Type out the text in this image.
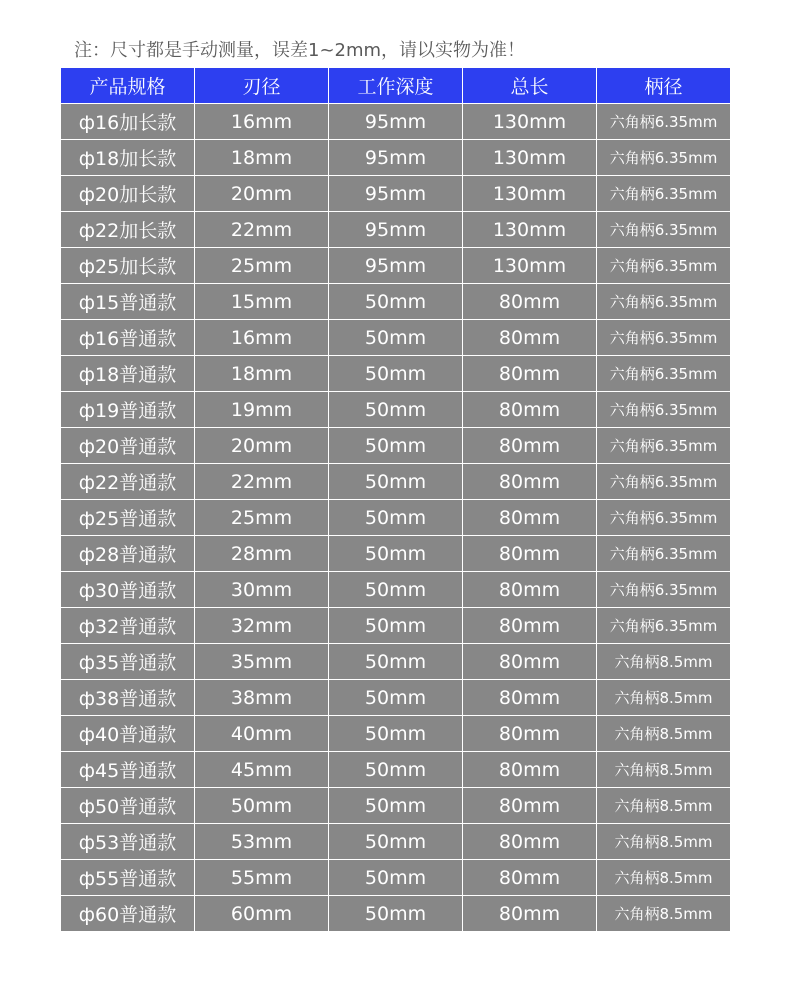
注：尺寸都是手动测量，误差1~2mm，请以实物为准！
产品规格	刃径	工作深度	总长	柄径
ф16加长款	16mm	95mm	130mm	六角柄6.35mm
ф18加长款	18mm	95mm	130mm	六角柄6.35mm
ф20加长款	20mm	95mm	130mm	六角柄6.35mm
ф22加长款	22mm	95mm	130mm	六角柄6.35mm
ф25加长款	25mm	95mm	130mm	六角柄6.35mm
ф15普通款	15mm	50mm	80mm	六角柄6.35mm
ф16普通款	16mm	50mm	80mm	六角柄6.35mm
ф18普通款	18mm	50mm	80mm	六角柄6.35mm
ф19普通款	19mm	50mm	80mm	六角柄6.35mm
ф20普通款	20mm	50mm	80mm	六角柄6.35mm
ф22普通款	22mm	50mm	80mm	六角柄6.35mm
ф25普通款	25mm	50mm	80mm	六角柄6.35mm
ф28普通款	28mm	50mm	80mm	六角柄6.35mm
ф30普通款	30mm	50mm	80mm	六角柄6.35mm
ф32普通款	32mm	50mm	80mm	六角柄6.35mm
ф35普通款	35mm	50mm	80mm	六角柄8.5mm
ф38普通款	38mm	50mm	80mm	六角柄8.5mm
ф40普通款	40mm	50mm	80mm	六角柄8.5mm
ф45普通款	45mm	50mm	80mm	六角柄8.5mm
ф50普通款	50mm	50mm	80mm	六角柄8.5mm
ф53普通款	53mm	50mm	80mm	六角柄8.5mm
ф55普通款	55mm	50mm	80mm	六角柄8.5mm
ф60普通款	60mm	50mm	80mm	六角柄8.5mm
